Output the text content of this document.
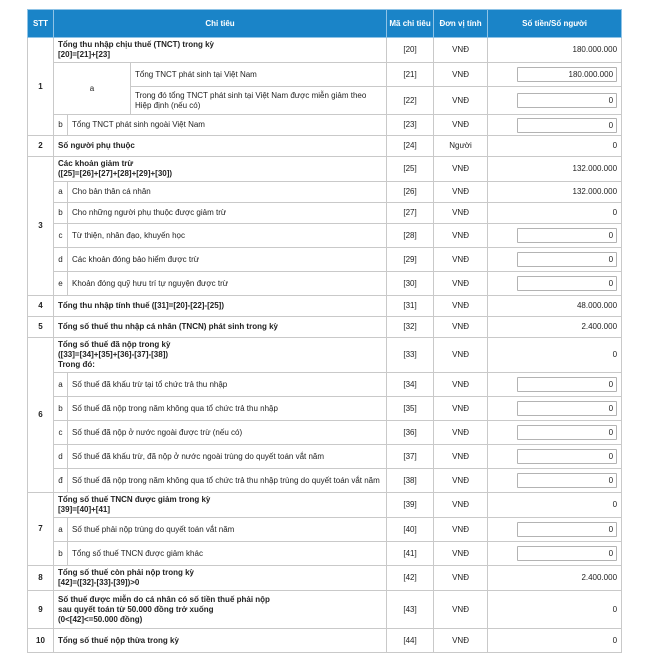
STT	Chỉ tiêu			Mã chỉ tiêu	Đơn vị tính	Số tiền/Số người
1	Tổng thu nhập chịu thuế (TNCT) trong kỳ
[20]=[21]+[23]			[20]	VNĐ	180.000.000
	a		Tổng TNCT phát sinh tại Việt Nam	[21]	VNĐ	180.000.000
			Trong đó tổng TNCT phát sinh tại Việt Nam được miễn giảm theo Hiệp định (nếu có)	[22]	VNĐ	0
	b	Tổng TNCT phát sinh ngoài Việt Nam		[23]	VNĐ	0
2	Số người phụ thuộc			[24]	Người	0
3	Các khoản giảm trừ
([25]=[26]+[27]+[28]+[29]+[30])			[25]	VNĐ	132.000.000
	a	Cho bản thân cá nhân		[26]	VNĐ	132.000.000
	b	Cho những người phụ thuộc được giảm trừ		[27]	VNĐ	0
	c	Từ thiện, nhân đạo, khuyến học		[28]	VNĐ	0
	d	Các khoản đóng bảo hiểm được trừ		[29]	VNĐ	0
	e	Khoản đóng quỹ hưu trí tự nguyện được trừ		[30]	VNĐ	0
4	Tổng thu nhập tính thuế ([31]=[20]-[22]-[25])			[31]	VNĐ	48.000.000
5	Tổng số thuế thu nhập cá nhân (TNCN) phát sinh trong kỳ			[32]	VNĐ	2.400.000
6	Tổng số thuế đã nộp trong kỳ
([33]=[34]+[35]+[36]-[37]-[38])
Trong đó:			[33]	VNĐ	0
	a	Số thuế đã khấu trừ tại tổ chức trả thu nhập		[34]	VNĐ	0
	b	Số thuế đã nộp trong năm không qua tổ chức trả thu nhập		[35]	VNĐ	0
	c	Số thuế đã nộp ở nước ngoài được trừ (nếu có)		[36]	VNĐ	0
	d	Số thuế đã khấu trừ, đã nộp ở nước ngoài trùng do quyết toán vắt năm		[37]	VNĐ	0
	đ	Số thuế đã nộp trong năm không qua tổ chức trả thu nhập trùng do quyết toán vắt năm		[38]	VNĐ	0
7	Tổng số thuế TNCN được giảm trong kỳ
[39]=[40]+[41]			[39]	VNĐ	0
	a	Số thuế phải nộp trùng do quyết toán vắt năm		[40]	VNĐ	0
	b	Tổng số thuế TNCN được giảm khác		[41]	VNĐ	0
8	Tổng số thuế còn phải nộp trong kỳ
[42]=([32]-[33]-[39])>0			[42]	VNĐ	2.400.000
9	Số thuế được miễn do cá nhân có số tiền thuế phải nộp
sau quyết toán từ 50.000 đồng trở xuống
(0<[42]<=50.000 đồng)			[43]	VNĐ	0
10	Tổng số thuế nộp thừa trong kỳ			[44]	VNĐ	0
